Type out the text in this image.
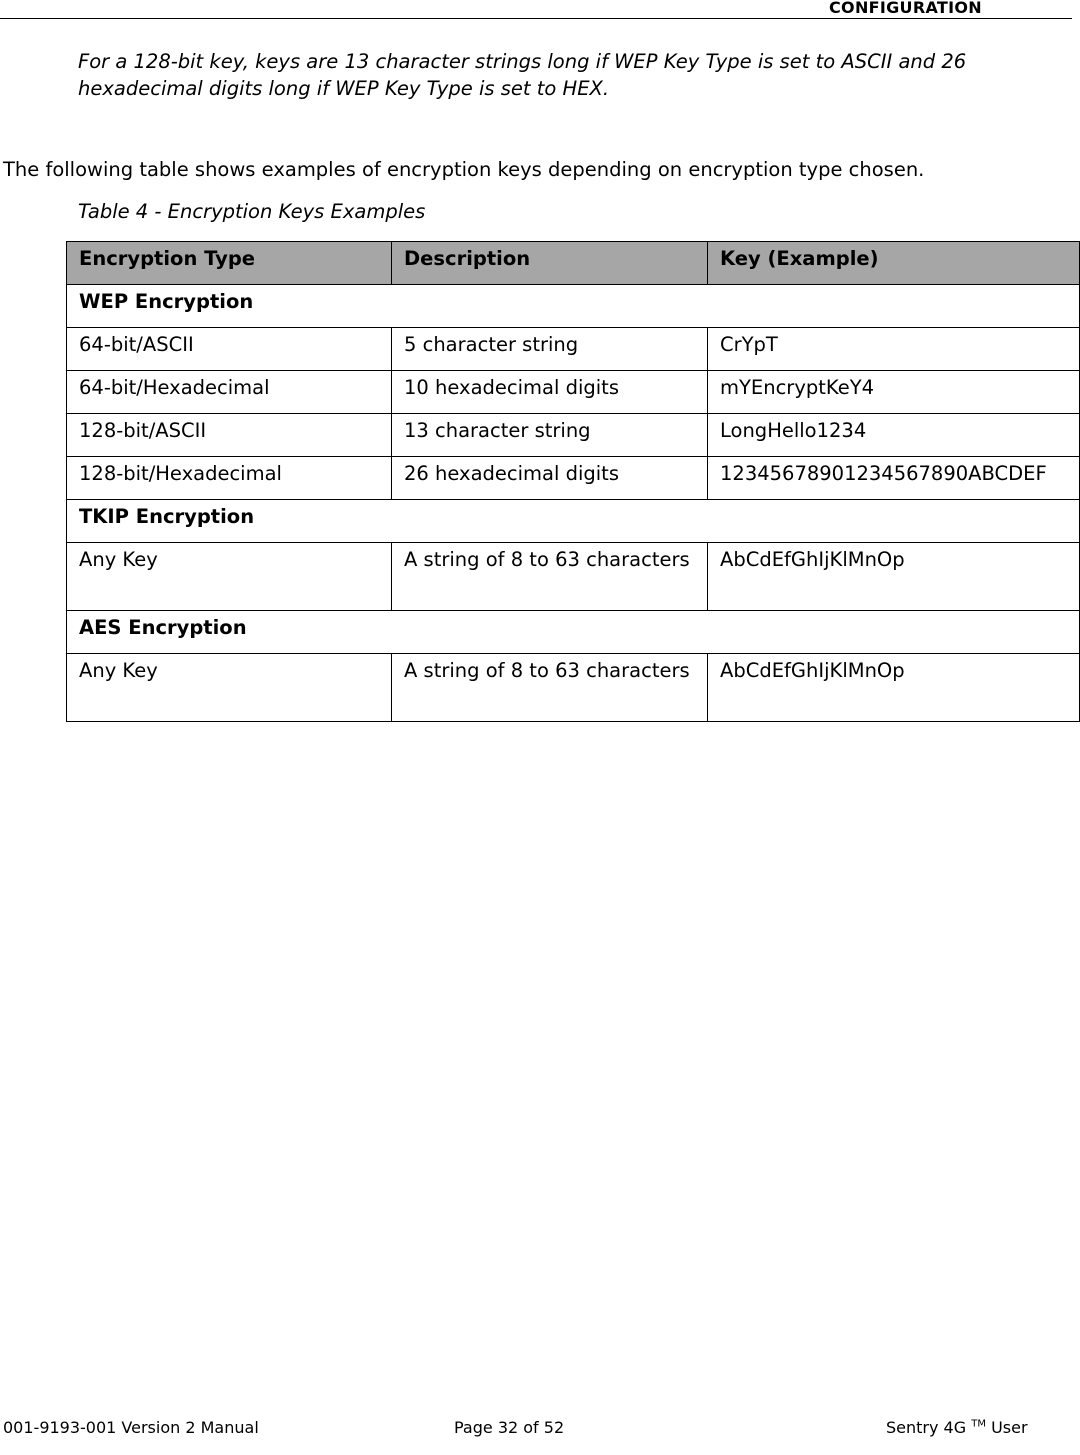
CONFIGURATION
For a 128-bit key, keys are 13 character strings long if WEP Key Type is set to ASCII and 26 hexadecimal digits long if WEP Key Type is set to HEX.
The following table shows examples of encryption keys depending on encryption type chosen.
Table 4 - Encryption Keys Examples
Encryption Type	Description	Key (Example)
WEP Encryption		
64-bit/ASCII	5 character string	CrYpT
64-bit/Hexadecimal	10 hexadecimal digits	mYEncryptKeY4
128-bit/ASCII	13 character string	LongHello1234
128-bit/Hexadecimal	26 hexadecimal digits	12345678901234567890ABCDEF
TKIP Encryption		
Any Key	A string of 8 to 63 characters	AbCdEfGhIjKlMnOp
AES Encryption		
Any Key	A string of 8 to 63 characters	AbCdEfGhIjKlMnOp
001-9193-001 Version 2 Manual	Page 32 of 52	Sentry 4G ™ User
